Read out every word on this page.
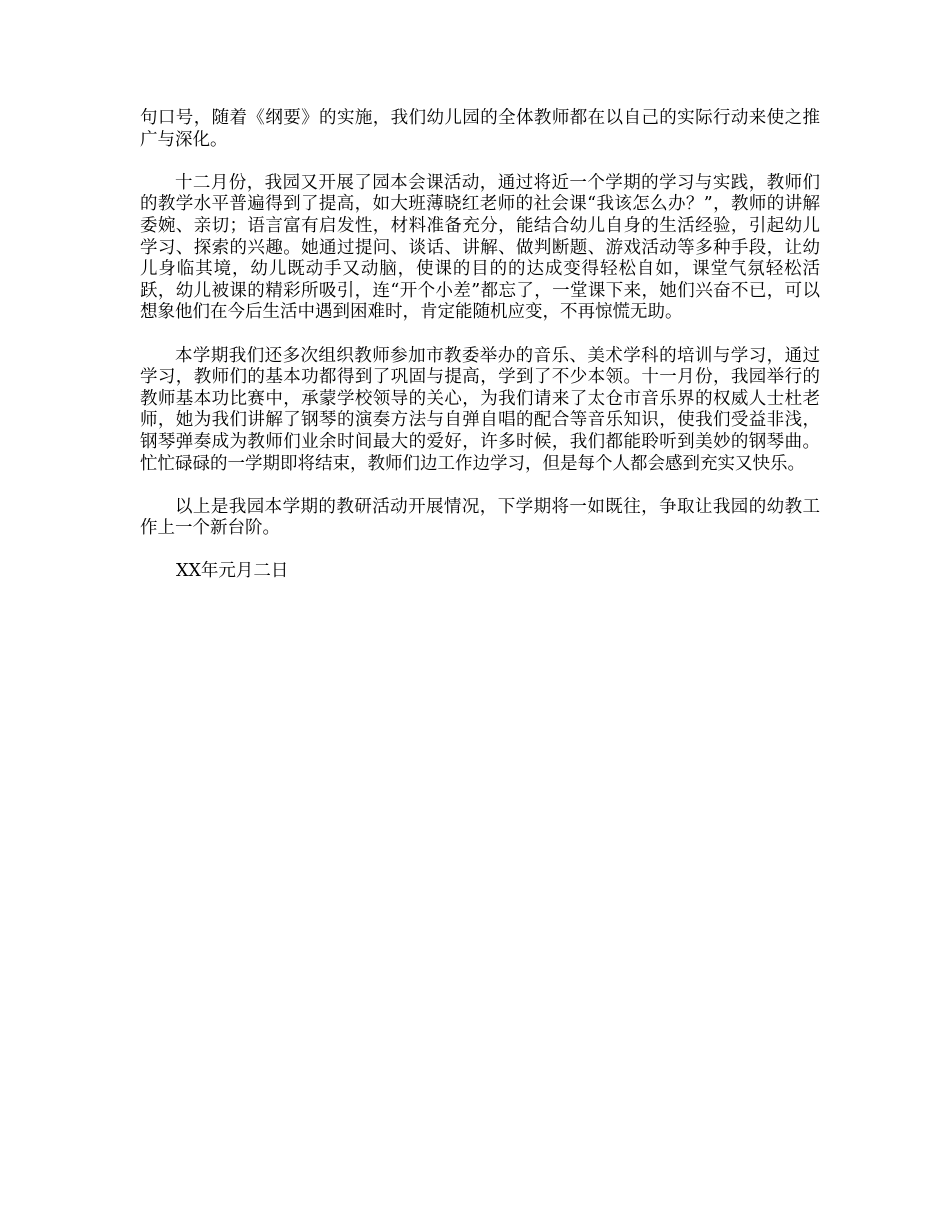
句口号，随着《纲要》的实施，我们幼儿园的全体教师都在以自己的实际行动来使之推广与深化。

十二月份，我园又开展了园本会课活动，通过将近一个学期的学习与实践，教师们的教学水平普遍得到了提高，如大班薄晓红老师的社会课“我该怎么办？”，教师的讲解委婉、亲切；语言富有启发性，材料准备充分，能结合幼儿自身的生活经验，引起幼儿学习、探索的兴趣。她通过提问、谈话、讲解、做判断题、游戏活动等多种手段，让幼儿身临其境，幼儿既动手又动脑，使课的目的的达成变得轻松自如，课堂气氛轻松活跃，幼儿被课的精彩所吸引，连“开个小差”都忘了，一堂课下来，她们兴奋不已，可以想象他们在今后生活中遇到困难时，肯定能随机应变，不再惊慌无助。

本学期我们还多次组织教师参加市教委举办的音乐、美术学科的培训与学习，通过学习，教师们的基本功都得到了巩固与提高，学到了不少本领。十一月份，我园举行的教师基本功比赛中，承蒙学校领导的关心，为我们请来了太仓市音乐界的权威人士杜老师，她为我们讲解了钢琴的演奏方法与自弹自唱的配合等音乐知识，使我们受益非浅，钢琴弹奏成为教师们业余时间最大的爱好，许多时候，我们都能聆听到美妙的钢琴曲。忙忙碌碌的一学期即将结束，教师们边工作边学习，但是每个人都会感到充实又快乐。

以上是我园本学期的教研活动开展情况，下学期将一如既往，争取让我园的幼教工作上一个新台阶。

XX年元月二日
